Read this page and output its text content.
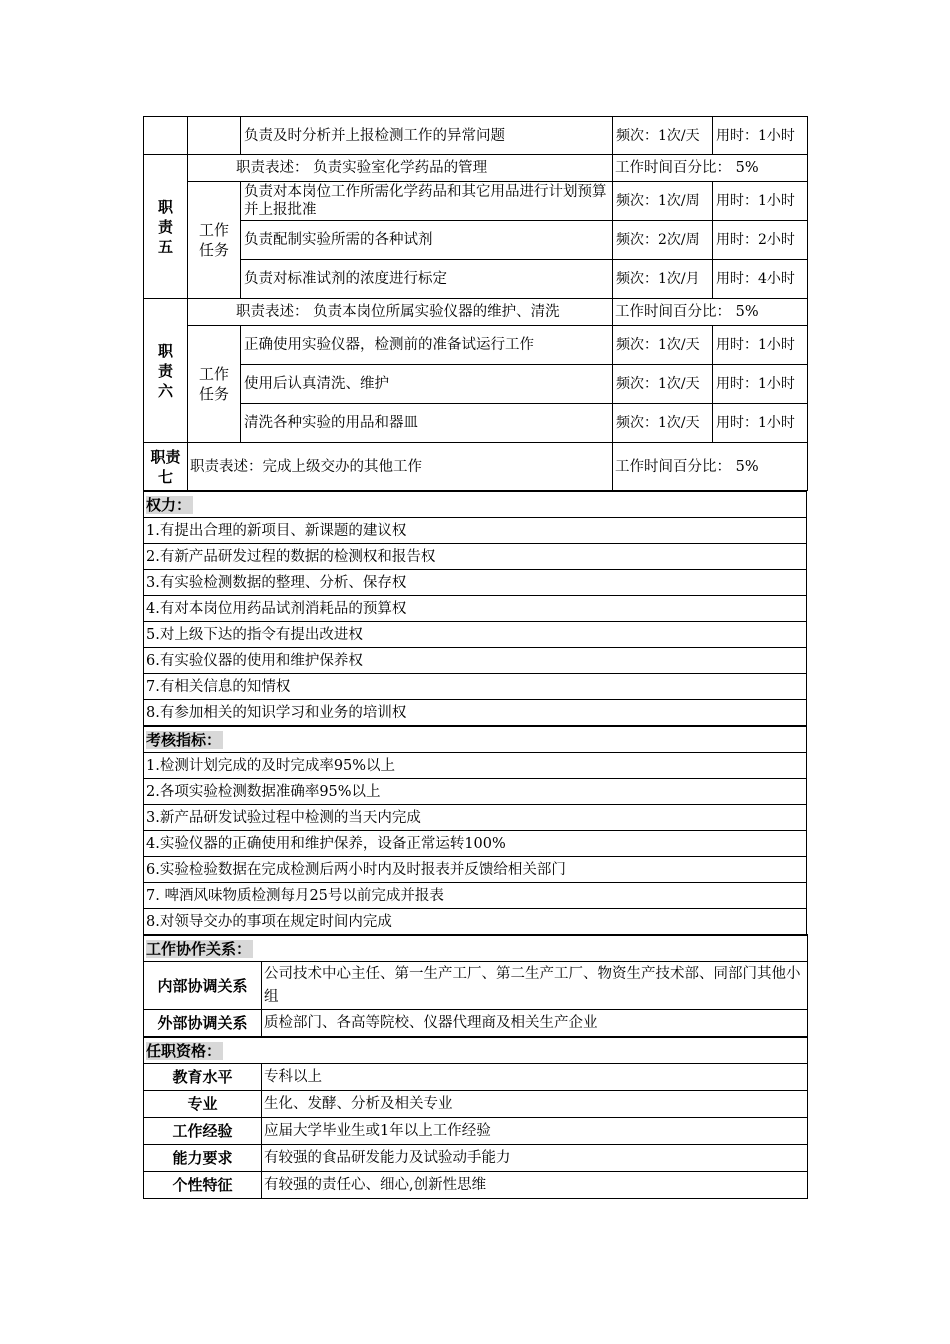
		负责及时分析并上报检测工作的异常问题	频次：1次/天	用时：1小时
职责五	职责表述： 负责实验室化学药品的管理		工作时间百分比： 5%	
	工作任务	负责对本岗位工作所需化学药品和其它用品进行计划预算并上报批准	频次：1次/周	用时：1小时
		负责配制实验所需的各种试剂	频次：2次/周	用时：2小时
		负责对标准试剂的浓度进行标定	频次：1次/月	用时：4小时
职责六	职责表述： 负责本岗位所属实验仪器的维护、清洗		工作时间百分比： 5%	
	工作任务	正确使用实验仪器，检测前的准备试运行工作	频次：1次/天	用时：1小时
		使用后认真清洗、维护	频次：1次/天	用时：1小时
		清洗各种实验的用品和器皿	频次：1次/天	用时：1小时
职责七	职责表述：完成上级交办的其他工作		工作时间百分比： 5%	
权力：
1.有提出合理的新项目、新课题的建议权
2.有新产品研发过程的数据的检测权和报告权
3.有实验检测数据的整理、分析、保存权
4.有对本岗位用药品试剂消耗品的预算权
5.对上级下达的指令有提出改进权
6.有实验仪器的使用和维护保养权
7.有相关信息的知情权
8.有参加相关的知识学习和业务的培训权
考核指标：
1.检测计划完成的及时完成率95%以上
2.各项实验检测数据准确率95%以上
3.新产品研发试验过程中检测的当天内完成
4.实验仪器的正确使用和维护保养，设备正常运转100%
6.实验检验数据在完成检测后两小时内及时报表并反馈给相关部门
7. 啤酒风味物质检测每月25号以前完成并报表
8.对领导交办的事项在规定时间内完成
工作协作关系：	
内部协调关系	公司技术中心主任、第一生产工厂、第二生产工厂、物资生产技术部、同部门其他小组
外部协调关系	质检部门、各高等院校、仪器代理商及相关生产企业
任职资格：	
教育水平	专科以上
专业	生化、发酵、分析及相关专业
工作经验	应届大学毕业生或1年以上工作经验
能力要求	有较强的食品研发能力及试验动手能力
个性特征	有较强的责任心、细心,创新性思维
